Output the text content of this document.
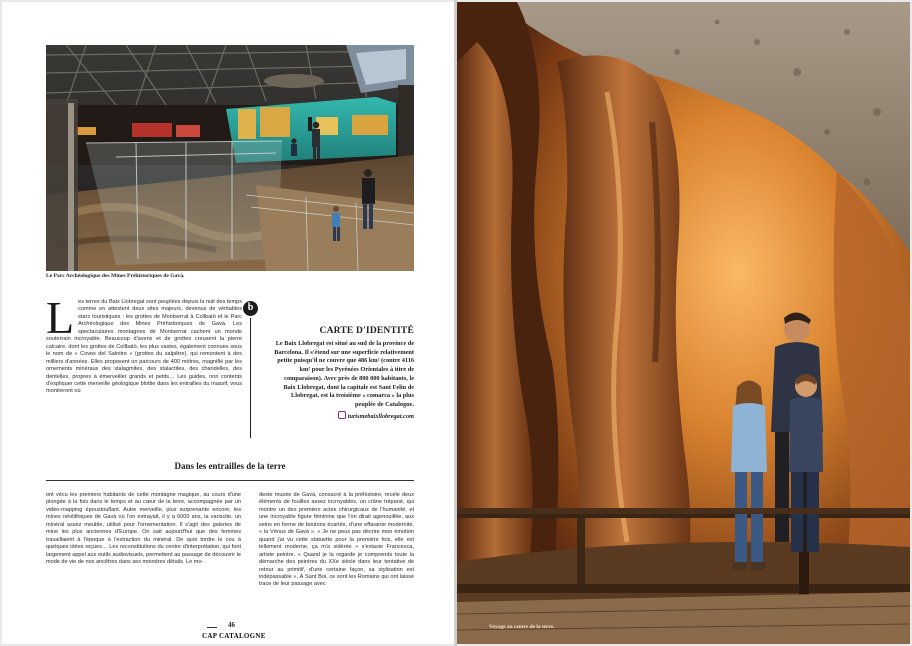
Le Parc Archéologique des Mines Préhistoriques de Gavà.
L es terres du Baix Llobregat sont peuplées depuis la nuit des temps comme en attestent deux sites majeurs, devenus de véritables stars touristiques : les grottes de Montserrat à Collbató et le Parc Archéologique des Mines Préhistoriques de Gavà. Les spectaculaires montagnes de Montserrat cachent un monde souterrain incroyable. Beaucoup d'avens et de grottes creusent la pierre calcaire, dont les grottes de Collbató, les plus vastes, également connues sous le nom de « Coves del Salnitre » (grottes du salpêtre), qui remontent à des milliers d'années. Elles proposent un parcours de 400 mètres, magnifié par les ornements minéraux des stalagmites, des stalactites, des chandelles, des dentelles, propres à émerveiller grands et petits… Les guides, non contents d'expliquer cette merveille géologique blottie dans les entrailles du massif, vous montreront où

b
CARTE D'IDENTITÉ
Le Baix Llobregat est situé au sud de la province de Barcelona. Il s'étend sur une superficie relativement petite puisqu'il ne couvre que 486 km² (contre 4116 km² pour les Pyrénées Orientales à titre de comparaison). Avec près de 800 000 habitants, le Baix Llobregat, dont la capitale est Sant Feliu de Llobregat, est la troisième « comarca » la plus peuplée de Catalogne.
turismebaixllobregat.com
Dans les entrailles de la terre

ont vécu les premiers habitants de cette montagne magique, au cours d'une plongée à la fois dans le temps et au cœur de la terre, accompagnée par un vidéo-mapping époustouflant. Autre merveille, plus surprenante encore, les mines néolithiques de Gavà où l'on extrayait, il y a 6000 ans, la variscite, un minéral assez meuble, utilisé pour l'ornementation. Il s'agit des galeries de mine les plus anciennes d'Europe. On sait aujourd'hui que des femmes travaillaient à l'époque à l'extraction du minéral. De quoi tordre le cou à quelques idées reçues… Les reconstitutions du centre d'interprétation, qui font largement appel aux outils audiovisuels, permettent au passage de découvrir le mode de vie de nos ancêtres dans ses moindres détails. Le mo-

deste musée de Gavà, consacré à la préhistoire, recèle deux éléments de fouilles assez incroyables, un crâne trépané, qui montre un des premiers actes chirurgicaux de l'humanité, et une incroyable figure féminine que l'on dirait agenouillée, aux seins en forme de boutons écartés, d'une effarante modernité, « la Vénus de Gavà ». « Je ne peux pas décrire mon émotion quand j'ai vu cette statuette pour la première fois, elle est tellement moderne, ça m'a sidérée » s'extasie Francesca, artiste peintre. « Quand je la regarde je comprends toute la démarche des peintres du XXe siècle dans leur tentative de retour au primitif, d'une certaine façon, sa stylisation est indépassable ». À Sant Boi, ce sont les Romains qui ont laissé trace de leur passage avec

46
CAP CATALOGNE
Voyage au centre de la terre.
